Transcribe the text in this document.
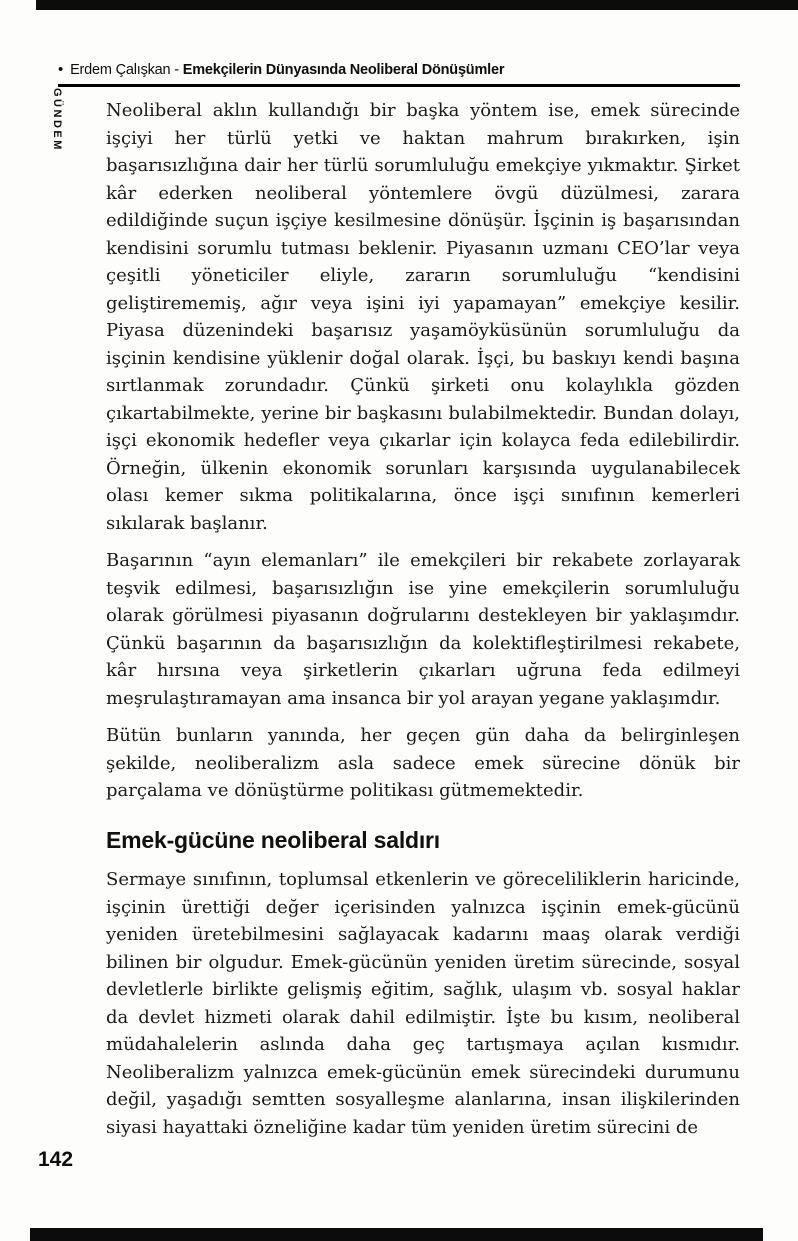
• Erdem Çalışkan - Emekçilerin Dünyasında Neoliberal Dönüşümler
GÜNDEM Neoliberal aklın kullandığı bir başka yöntem ise, emek sürecinde işçiyi her türlü yetki ve haktan mahrum bırakırken, işin başarısızlığına dair her türlü sorumluluğu emekçiye yıkmaktır. Şirket kâr ederken neoliberal yöntemlere övgü düzülmesi, zarara edildiğinde suçun işçiye kesilmesine dönüşür. İşçinin iş başarısından kendisini sorumlu tutması beklenir. Piyasanın uzmanı CEO’lar veya çeşitli yöneticiler eliyle, zararın sorumluluğu “kendisini geliştirememiş, ağır veya işini iyi yapamayan” emekçiye kesilir. Piyasa düzenindeki başarısız yaşamöyküsünün sorumluluğu da işçinin kendisine yüklenir doğal olarak. İşçi, bu baskıyı kendi başına sırtlanmak zorundadır. Çünkü şirketi onu kolaylıkla gözden çıkartabilmekte, yerine bir başkasını bulabilmektedir. Bundan dolayı, işçi ekonomik hedefler veya çıkarlar için kolayca feda edilebilirdir. Örneğin, ülkenin ekonomik sorunları karşısında uygulanabilecek olası kemer sıkma politikalarına, önce işçi sınıfının kemerleri sıkılarak başlanır.

Başarının “ayın elemanları” ile emekçileri bir rekabete zorlayarak teşvik edilmesi, başarısızlığın ise yine emekçilerin sorumluluğu olarak görülmesi piyasanın doğrularını destekleyen bir yaklaşımdır. Çünkü başarının da başarısızlığın da kolektifleştirilmesi rekabete, kâr hırsına veya şirketlerin çıkarları uğruna feda edilmeyi meşrulaştıramayan ama insanca bir yol arayan yegane yaklaşımdır.

Bütün bunların yanında, her geçen gün daha da belirginleşen şekilde, neoliberalizm asla sadece emek sürecine dönük bir parçalama ve dönüştürme politikası gütmemektedir.

Emek-gücüne neoliberal saldırı

Sermaye sınıfının, toplumsal etkenlerin ve göreceliliklerin haricinde, işçinin ürettiği değer içerisinden yalnızca işçinin emek-gücünü yeniden üretebilmesini sağlayacak kadarını maaş olarak verdiği bilinen bir olgudur. Emek-gücünün yeniden üretim sürecinde, sosyal devletlerle birlikte gelişmiş eğitim, sağlık, ulaşım vb. sosyal haklar da devlet hizmeti olarak dahil edilmiştir. İşte bu kısım, neoliberal müdahalelerin aslında daha geç tartışmaya açılan kısmıdır. Neoliberalizm yalnızca emek-gücünün emek sürecindeki durumunu değil, yaşadığı semtten sosyalleşme alanlarına, insan ilişkilerinden siyasi hayattaki özneliğine kadar tüm yeniden üretim sürecini de

142
